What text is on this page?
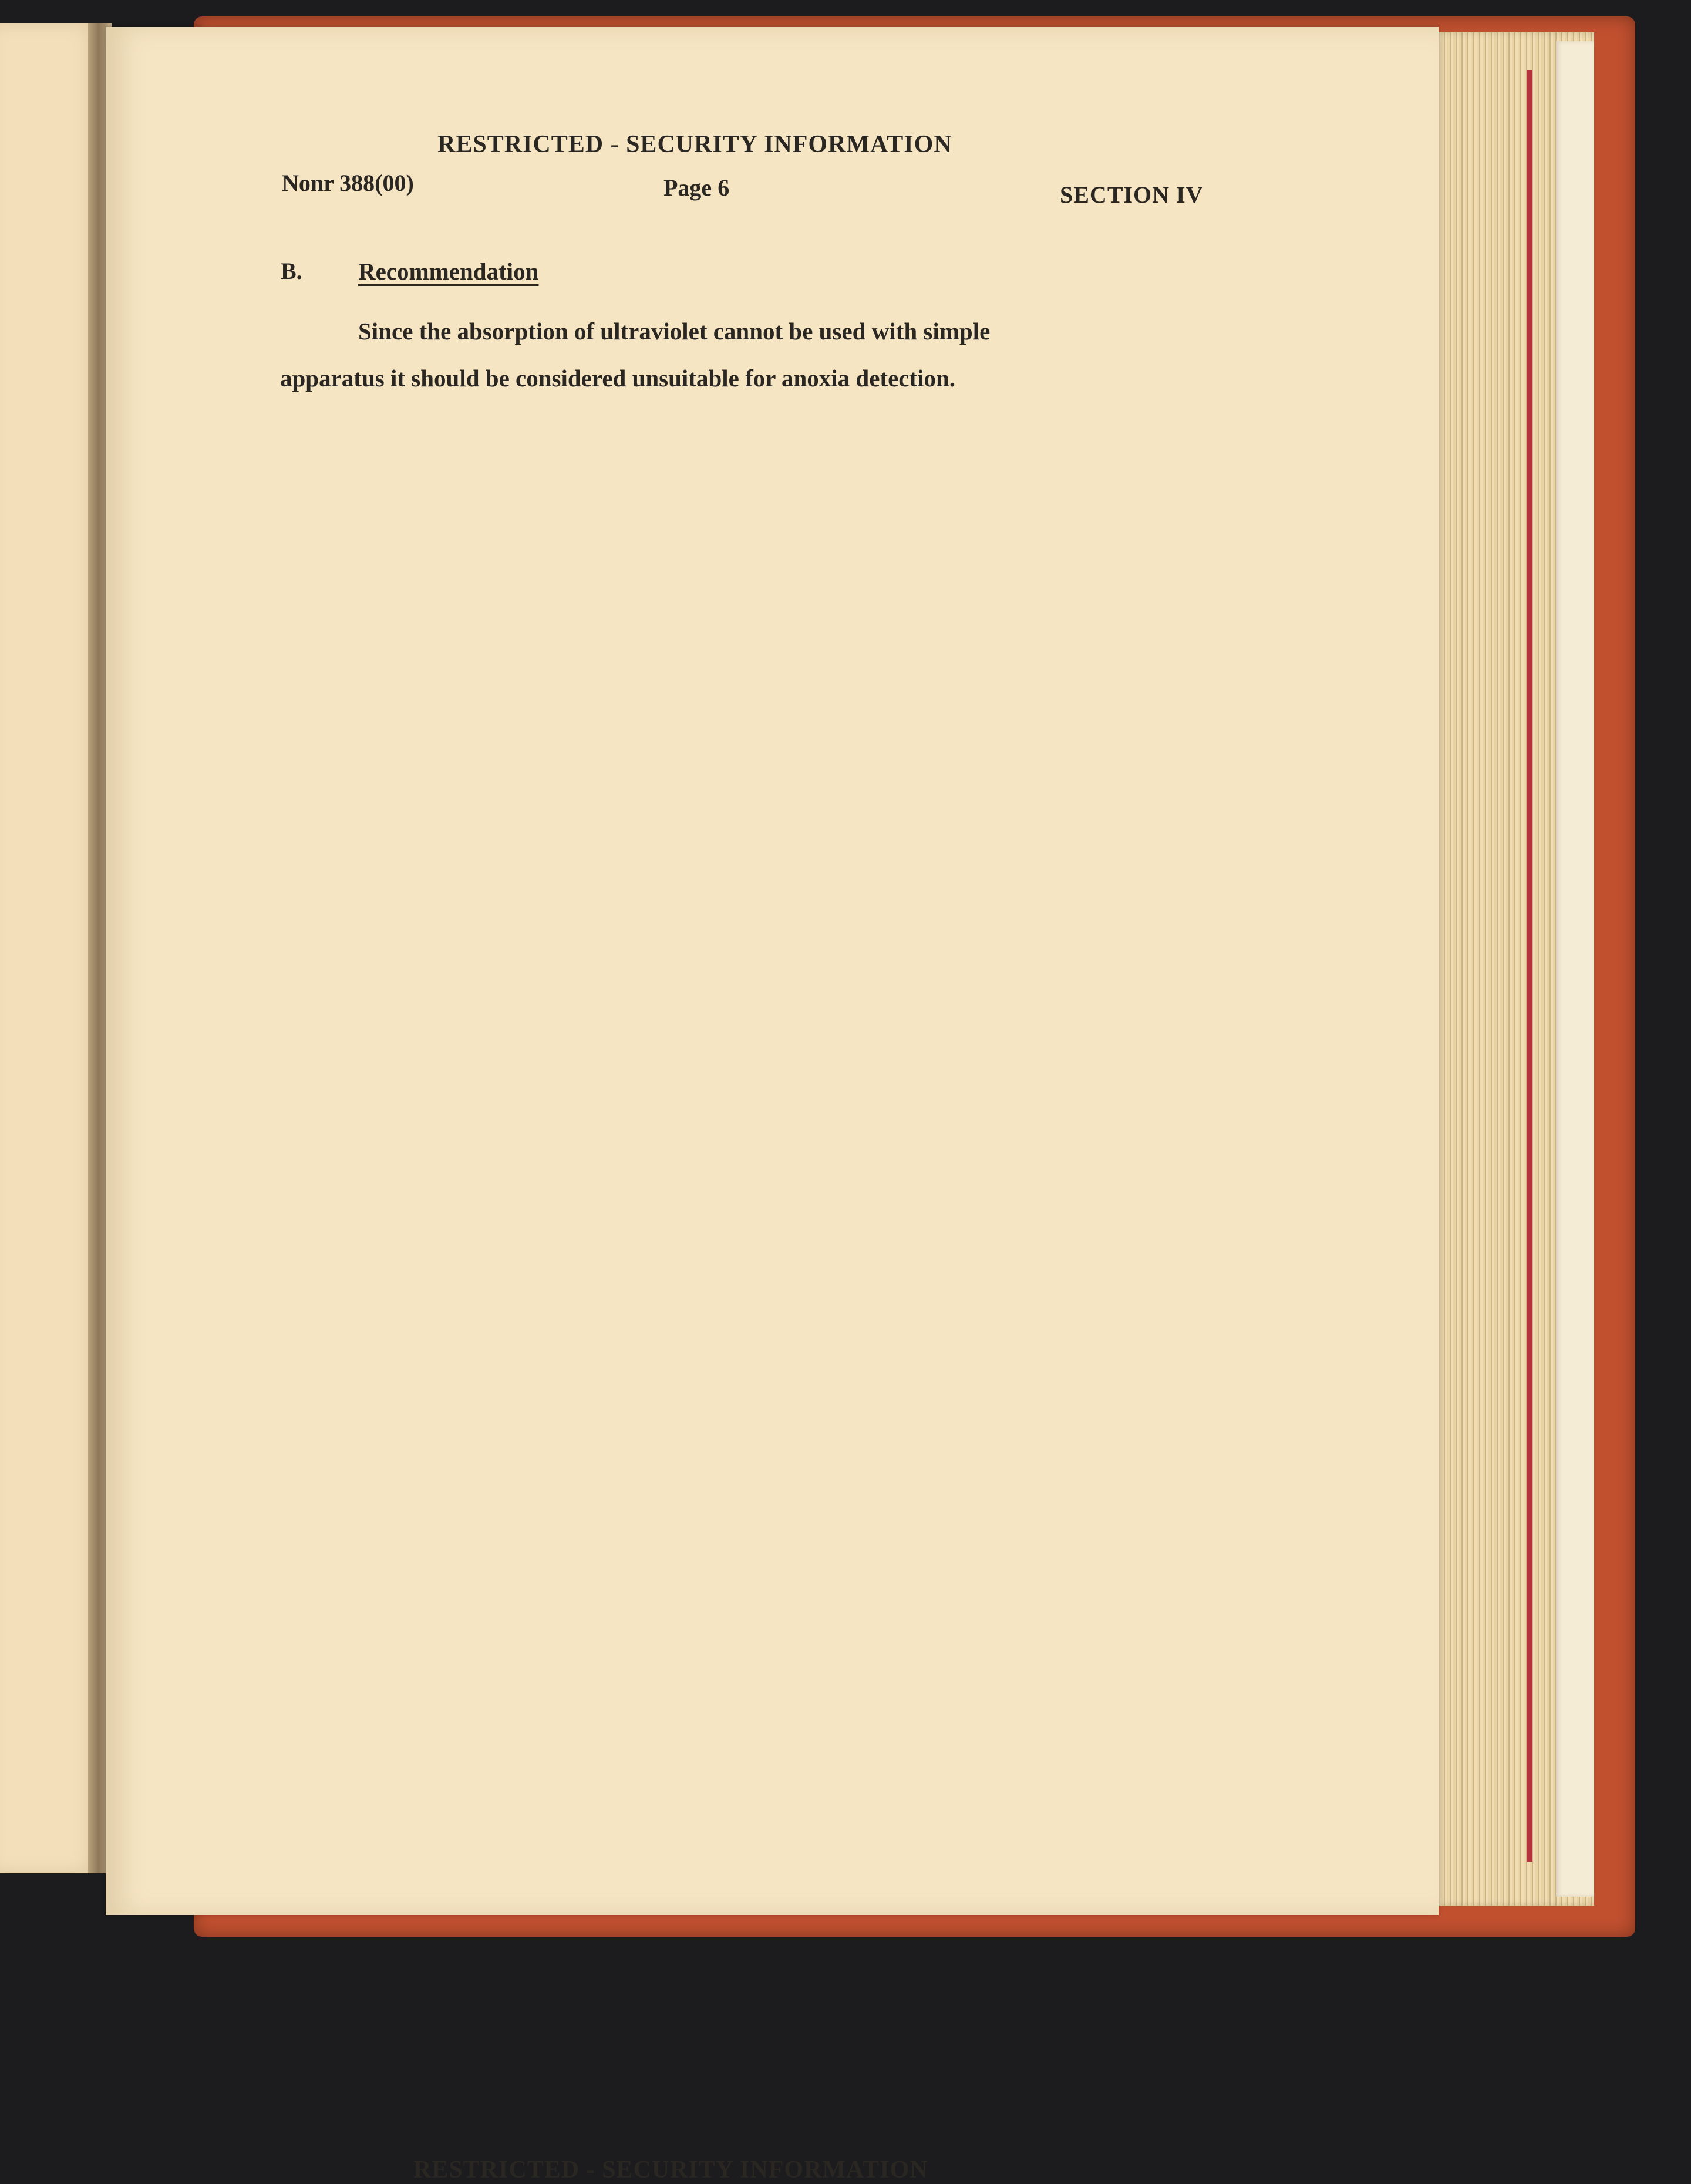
RESTRICTED - SECURITY INFORMATION
Nonr 388(00)	Page 6	SECTION IV
B. Recommendation
Since the absorption of ultraviolet cannot be used with simple
apparatus it should be considered unsuitable for anoxia detection.
RESTRICTED - SECURITY INFORMATION
